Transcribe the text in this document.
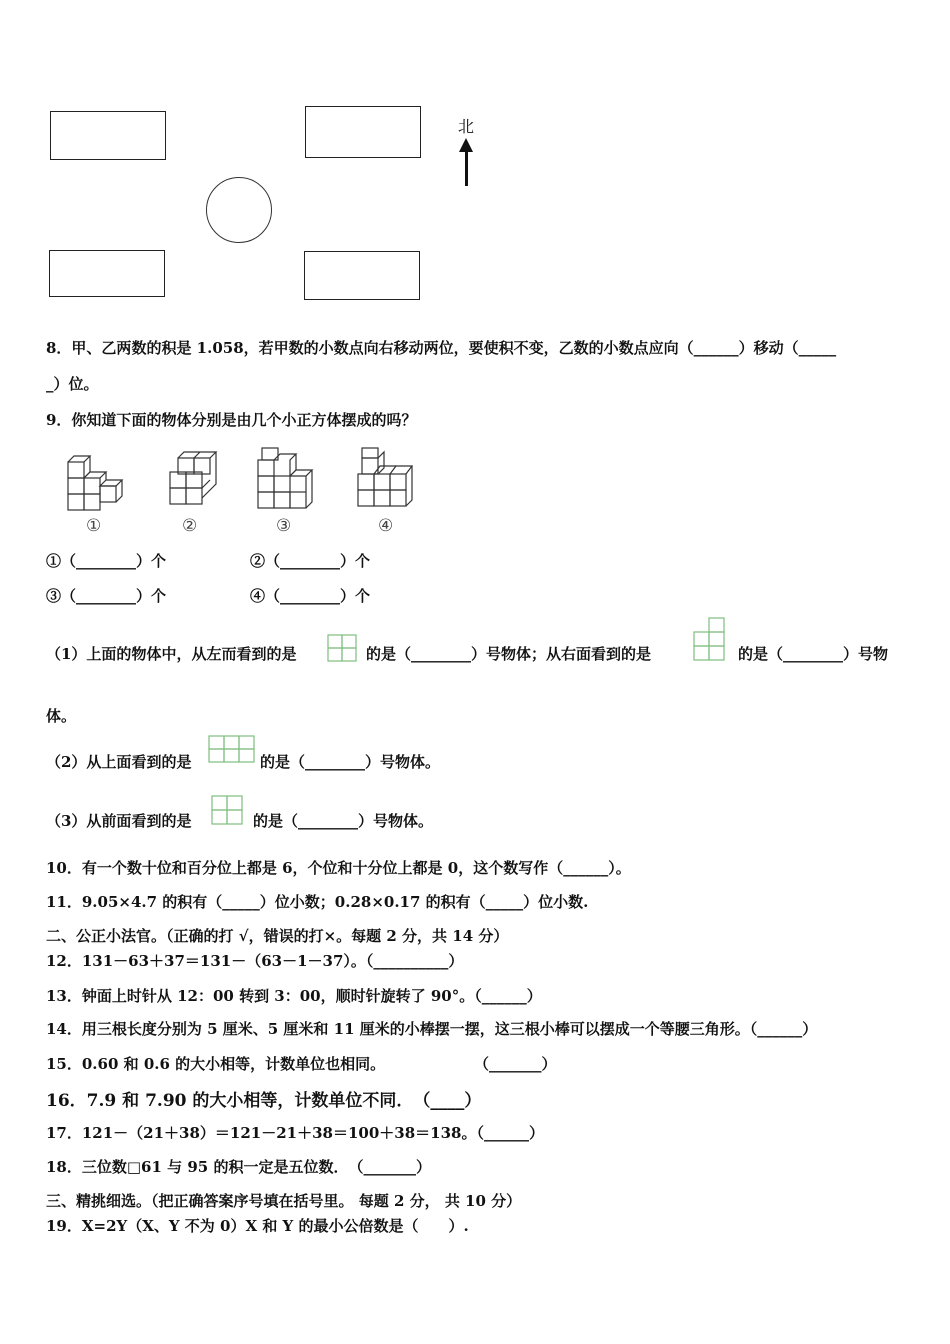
北
8．甲、乙两数的积是 1.058，若甲数的小数点向右移动两位，要使积不变，乙数的小数点应向（______）移动（_____
_）位。
9．你知道下面的物体分别是由几个小正方体摆成的吗？
①	②	③	④
①（________）个	②（________）个
③（________）个	④（________）个
（1）上面的物体中，从左而看到的是	的是（________）号物体；从右面看到的是	的是（________）号物
体。
（2）从上面看到的是	的是（________）号物体。
（3）从前面看到的是	的是（________）号物体。
10．有一个数十位和百分位上都是 6，个位和十分位上都是 0，这个数写作（______）。
11．9.05×4.7 的积有（_____）位小数；0.28×0.17 的积有（_____）位小数.
二、公正小法官。（正确的打 √，错误的打×。每题 2 分，共 14 分）
12．131－63＋37＝131－（63－1－37）。（__________）
13．钟面上时针从 12：00 转到 3：00，顺时针旋转了 90°。（______）
14．用三根长度分别为 5 厘米、5 厘米和 11 厘米的小棒摆一摆，这三根小棒可以摆成一个等腰三角形。（______）
15．0.60 和 0.6 的大小相等，计数单位也相同。	（_______）
16．7.9 和 7.90 的大小相等，计数单位不同．　（____）
17．121－（21＋38）＝121－21＋38＝100＋38＝138。（______）
18．三位数□61 与 95 的积一定是五位数．　（_______）
三、精挑细选。（把正确答案序号填在括号里。 每题 2 分， 共 10 分）
19．X=2Y（X、Y 不为 0）X 和 Y 的最小公倍数是（　　）.
